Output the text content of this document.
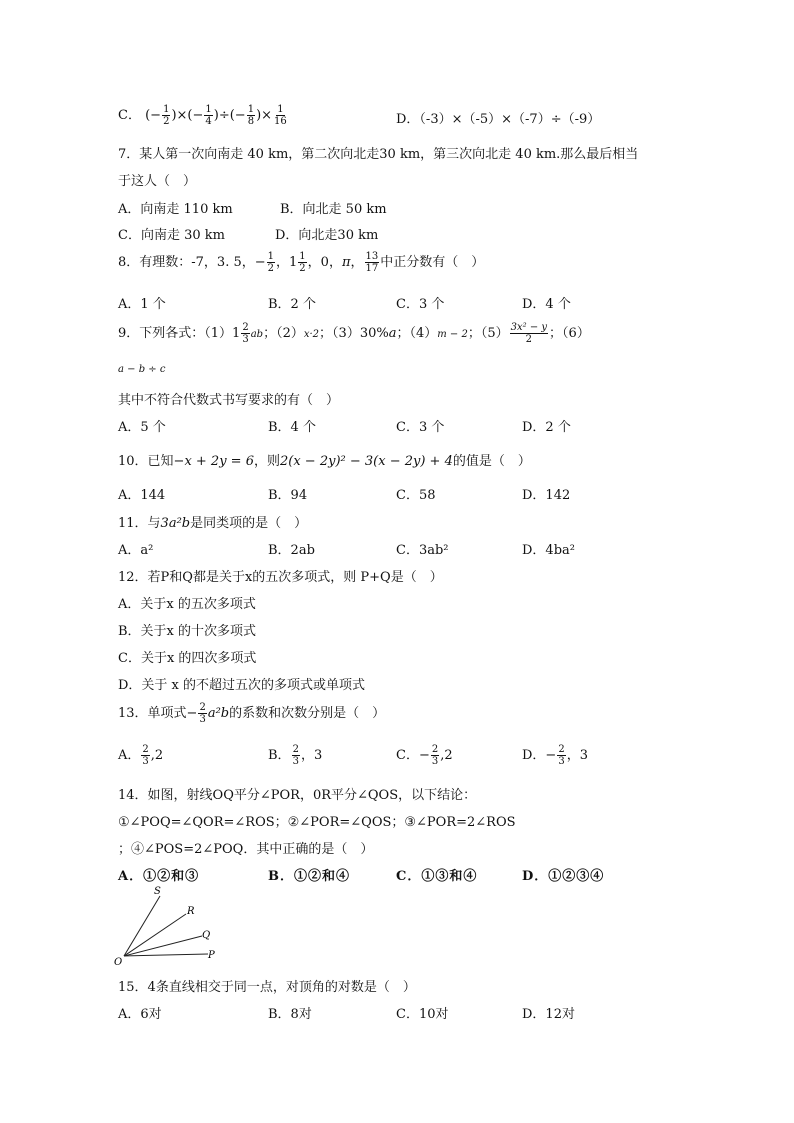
C． (− $\frac{1}{2}$ )×(− $\frac{1}{4}$ )÷(− $\frac{1}{8}$ )× $\frac{1}{16}$	D．（-3）×（-5）×（-7）÷（-9）
7．某人第一次向南走 40 km，第二次向北走30 km，第三次向北走 40 km.那么最后相当
于这人（　）
A．向南走 110 km	B．向北走 50 km
C．向南走 30 km	D．向北走30 km
8．有理数：-7，3. 5，− $\frac{1}{2}$ ，$1 \frac{1}{2}$ ，0，π， $\frac{13}{17}$ 中正分数有（　）
A．1 个	B．2 个	C．3 个	D．4 个
9．下列各式：$(1)1 \frac{2}{3}$ ab；（2）x·2；（3）30%a；（4）m − 2；$(5) \frac{\text{3x² − y}}{2}$ ；（6）
a − b ÷ c
其中不符合代数式书写要求的有（　）
A．5 个	B．4 个	C．3 个	D．2 个
10．已知−x + 2y = 6，则2(x − 2y)² − 3(x − 2y) + 4的值是（　）
A．144	B．94	C．58	D．142
11．与3a²b是同类项的是（　）
A．a²	B．2ab	C．3ab²	D．4ba²
12．若P和Q都是关于x的五次多项式，则 P+Q是（　）
A．关于x 的五次多项式
B．关于x 的十次多项式
C．关于x 的四次多项式
D．关于 x 的不超过五次的多项式或单项式
13．单项式− $\frac{2}{3} a^2b$的系数和次数分别是（　）
A． $\frac{2}{3} ,2$	B． $\frac{2}{3}$ ，3	C．− $\frac{2}{3} ,2$	D．− $\frac{2}{3}$ ，3
14．如图，射线OQ平分∠POR，0R平分∠QOS，以下结论：
①∠POQ=∠QOR=∠ROS；②∠POR=∠QOS；③∠POR=2∠ROS
；④∠POS=2∠POQ．其中正确的是（　）
A．①②和③	B．①②和④	C．①③和④	D．①②③④
S
R
Q
P
O
15．4条直线相交于同一点，对顶角的对数是（　）
A．6对	B．8对	C．10对	D．12对
